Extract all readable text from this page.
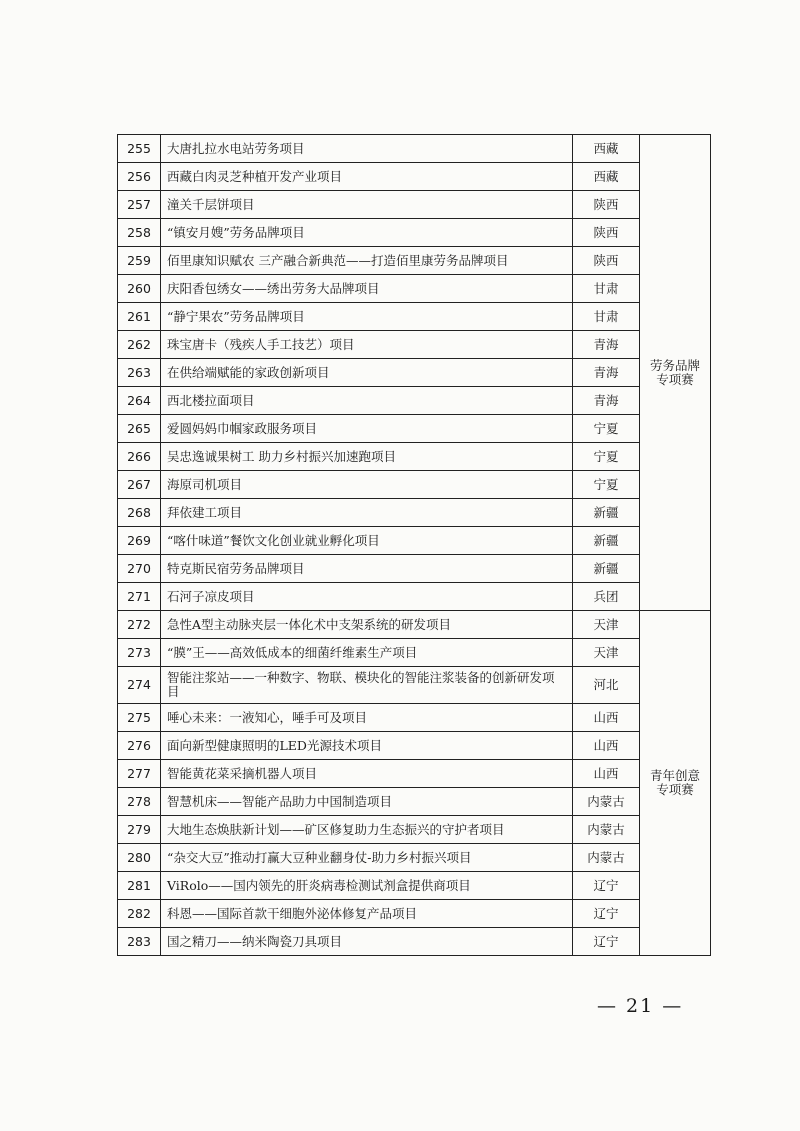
255	大唐扎拉水电站劳务项目	西藏	劳务品牌专项赛
256	西藏白肉灵芝种植开发产业项目	西藏	
257	潼关千层饼项目	陕西	
258	“镇安月嫂”劳务品牌项目	陕西	
259	佰里康知识赋农 三产融合新典范——打造佰里康劳务品牌项目	陕西	
260	庆阳香包绣女——绣出劳务大品牌项目	甘肃	
261	“静宁果农”劳务品牌项目	甘肃	
262	珠宝唐卡（残疾人手工技艺）项目	青海	
263	在供给端赋能的家政创新项目	青海	
264	西北楼拉面项目	青海	
265	爱圆妈妈巾帼家政服务项目	宁夏	
266	吴忠逸诚果树工 助力乡村振兴加速跑项目	宁夏	
267	海原司机项目	宁夏	
268	拜依建工项目	新疆	
269	“喀什味道”餐饮文化创业就业孵化项目	新疆	
270	特克斯民宿劳务品牌项目	新疆	
271	石河子凉皮项目	兵团	
272	急性A型主动脉夹层一体化术中支架系统的研发项目	天津	青年创意专项赛
273	“膜”王——高效低成本的细菌纤维素生产项目	天津	
274	智能注浆站——一种数字、物联、模块化的智能注浆装备的创新研发项目	河北	
275	唾心未来：一液知心，唾手可及项目	山西	
276	面向新型健康照明的LED光源技术项目	山西	
277	智能黄花菜采摘机器人项目	山西	
278	智慧机床——智能产品助力中国制造项目	内蒙古	
279	大地生态焕肤新计划——矿区修复助力生态振兴的守护者项目	内蒙古	
280	“杂交大豆”推动打赢大豆种业翻身仗-助力乡村振兴项目	内蒙古	
281	ViRolo——国内领先的肝炎病毒检测试剂盒提供商项目	辽宁	
282	科恩——国际首款干细胞外泌体修复产品项目	辽宁	
283	国之精刀——纳米陶瓷刀具项目	辽宁	
— 21 —
